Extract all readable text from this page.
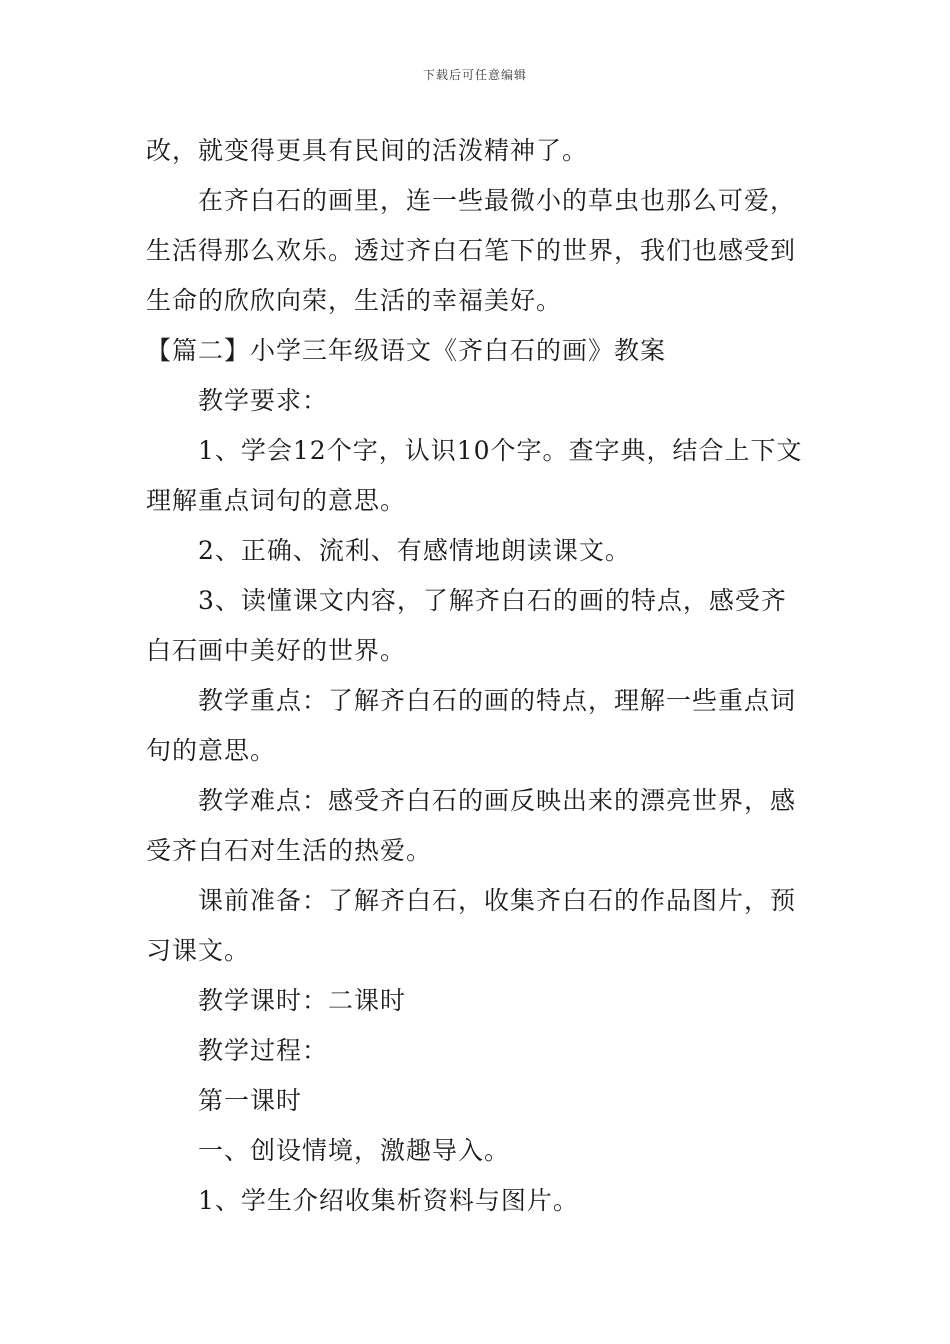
下载后可任意编辑

改，就变得更具有民间的活泼精神了。

在齐白石的画里，连一些最微小的草虫也那么可爱，生活得那么欢乐。透过齐白石笔下的世界，我们也感受到生命的欣欣向荣，生活的幸福美好。

【篇二】小学三年级语文《齐白石的画》教案

教学要求：

1、学会12个字，认识10个字。查字典，结合上下文理解重点词句的意思。

2、正确、流利、有感情地朗读课文。

3、读懂课文内容，了解齐白石的画的特点，感受齐白石画中美好的世界。

教学重点：了解齐白石的画的特点，理解一些重点词句的意思。

教学难点：感受齐白石的画反映出来的漂亮世界，感受齐白石对生活的热爱。

课前准备：了解齐白石，收集齐白石的作品图片，预习课文。

教学课时：二课时

教学过程：

第一课时

一、创设情境，激趣导入。

1、学生介绍收集析资料与图片。
